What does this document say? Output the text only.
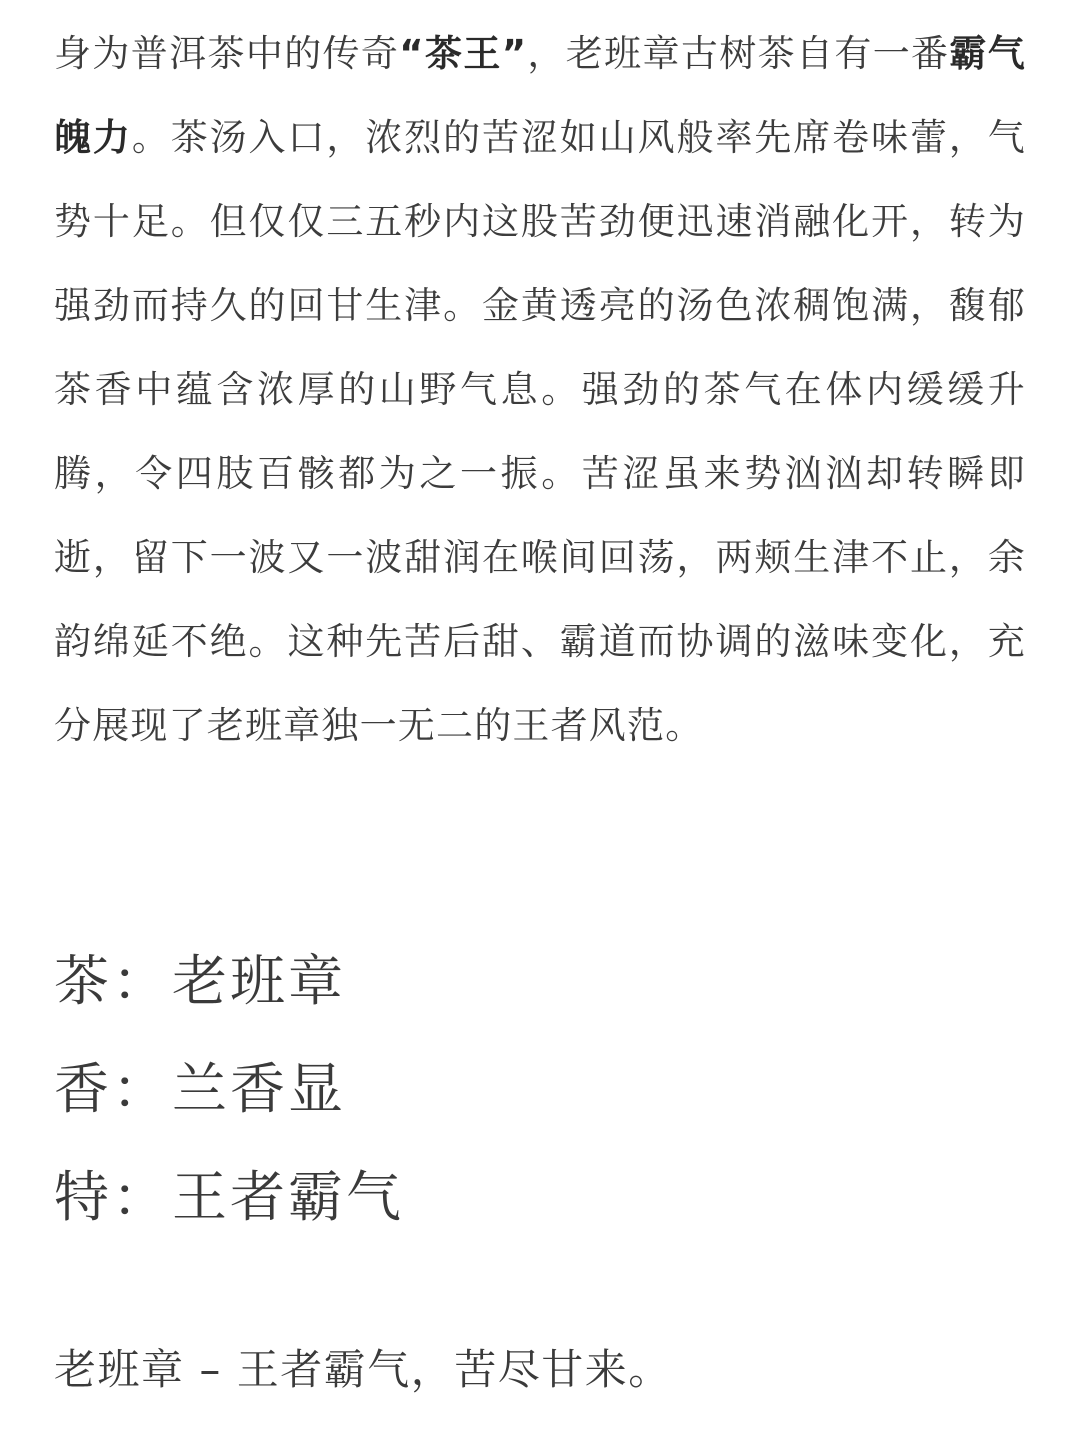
身为普洱茶中的传奇“茶王”，老班章古树茶自有一番霸气魄力。茶汤入口，浓烈的苦涩如山风般率先席卷味蕾，气势十足。但仅仅三五秒内这股苦劲便迅速消融化开，转为强劲而持久的回甘生津。金黄透亮的汤色浓稠饱满，馥郁茶香中蕴含浓厚的山野气息。强劲的茶气在体内缓缓升腾，令四肢百骸都为之一振。苦涩虽来势汹汹却转瞬即逝，留下一波又一波甜润在喉间回荡，两颊生津不止，余韵绵延不绝。这种先苦后甜、霸道而协调的滋味变化，充分展现了老班章独一无二的王者风范。

茶 ： 老班章
香 ： 兰香显
特 ： 王者霸气
老班章 – 王者霸气，苦尽甘来。
